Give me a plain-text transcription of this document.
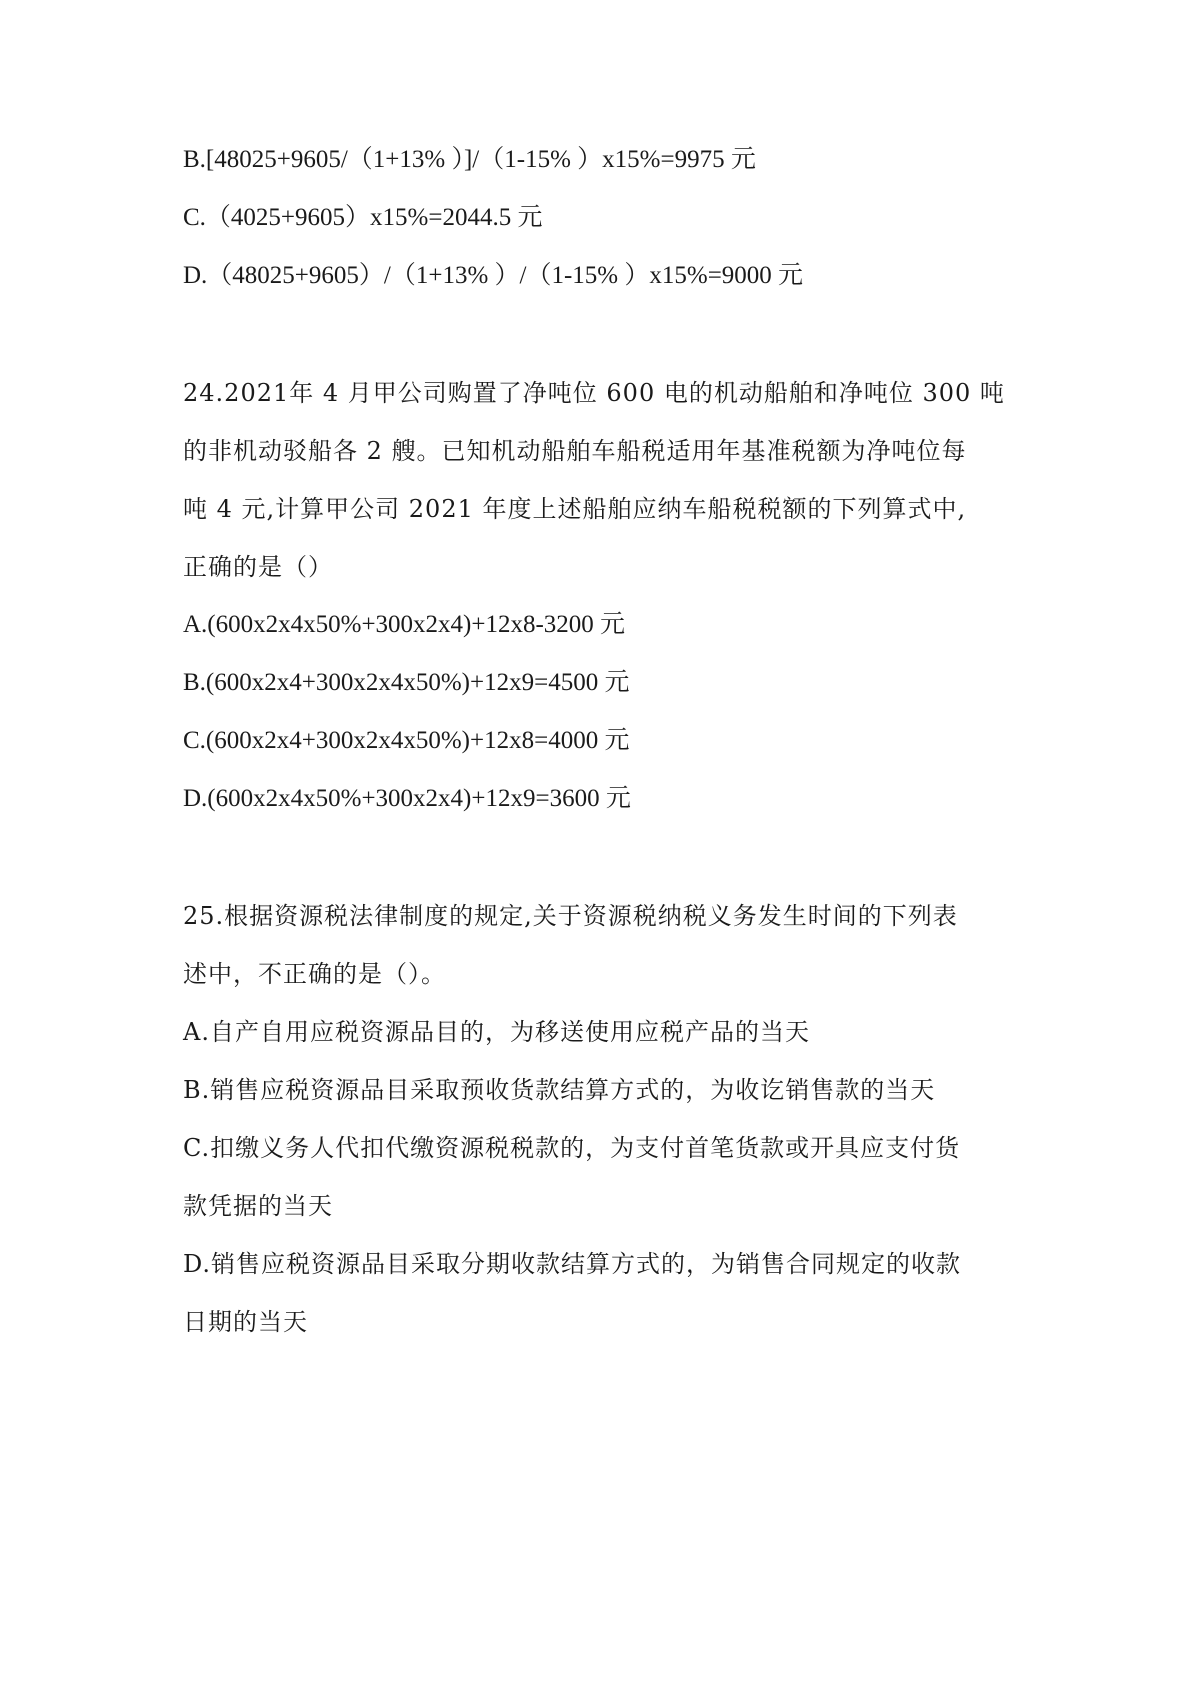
B.[48025+9605/（1+13% ）]/（1-15% ）x15%=9975 元
C.（4025+9605）x15%=2044.5 元
D.（48025+9605）/（1+13% ）/（1-15% ）x15%=9000 元
24.2021年 4 月甲公司购置了净吨位 600 电的机动船舶和净吨位 300 吨
的非机动驳船各 2 艘。已知机动船舶车船税适用年基准税额为净吨位每
吨 4 元,计算甲公司 2021 年度上述船舶应纳车船税税额的下列算式中,
正确的是（）
A.(600x2x4x50%+300x2x4)+12x8-3200 元
B.(600x2x4+300x2x4x50%)+12x9=4500 元
C.(600x2x4+300x2x4x50%)+12x8=4000 元
D.(600x2x4x50%+300x2x4)+12x9=3600 元
25.根据资源税法律制度的规定,关于资源税纳税义务发生时间的下列表
述中，不正确的是（）。
A.自产自用应税资源品目的，为移送使用应税产品的当天
B.销售应税资源品目采取预收货款结算方式的，为收讫销售款的当天
C.扣缴义务人代扣代缴资源税税款的，为支付首笔货款或开具应支付货
款凭据的当天
D.销售应税资源品目采取分期收款结算方式的，为销售合同规定的收款
日期的当天
